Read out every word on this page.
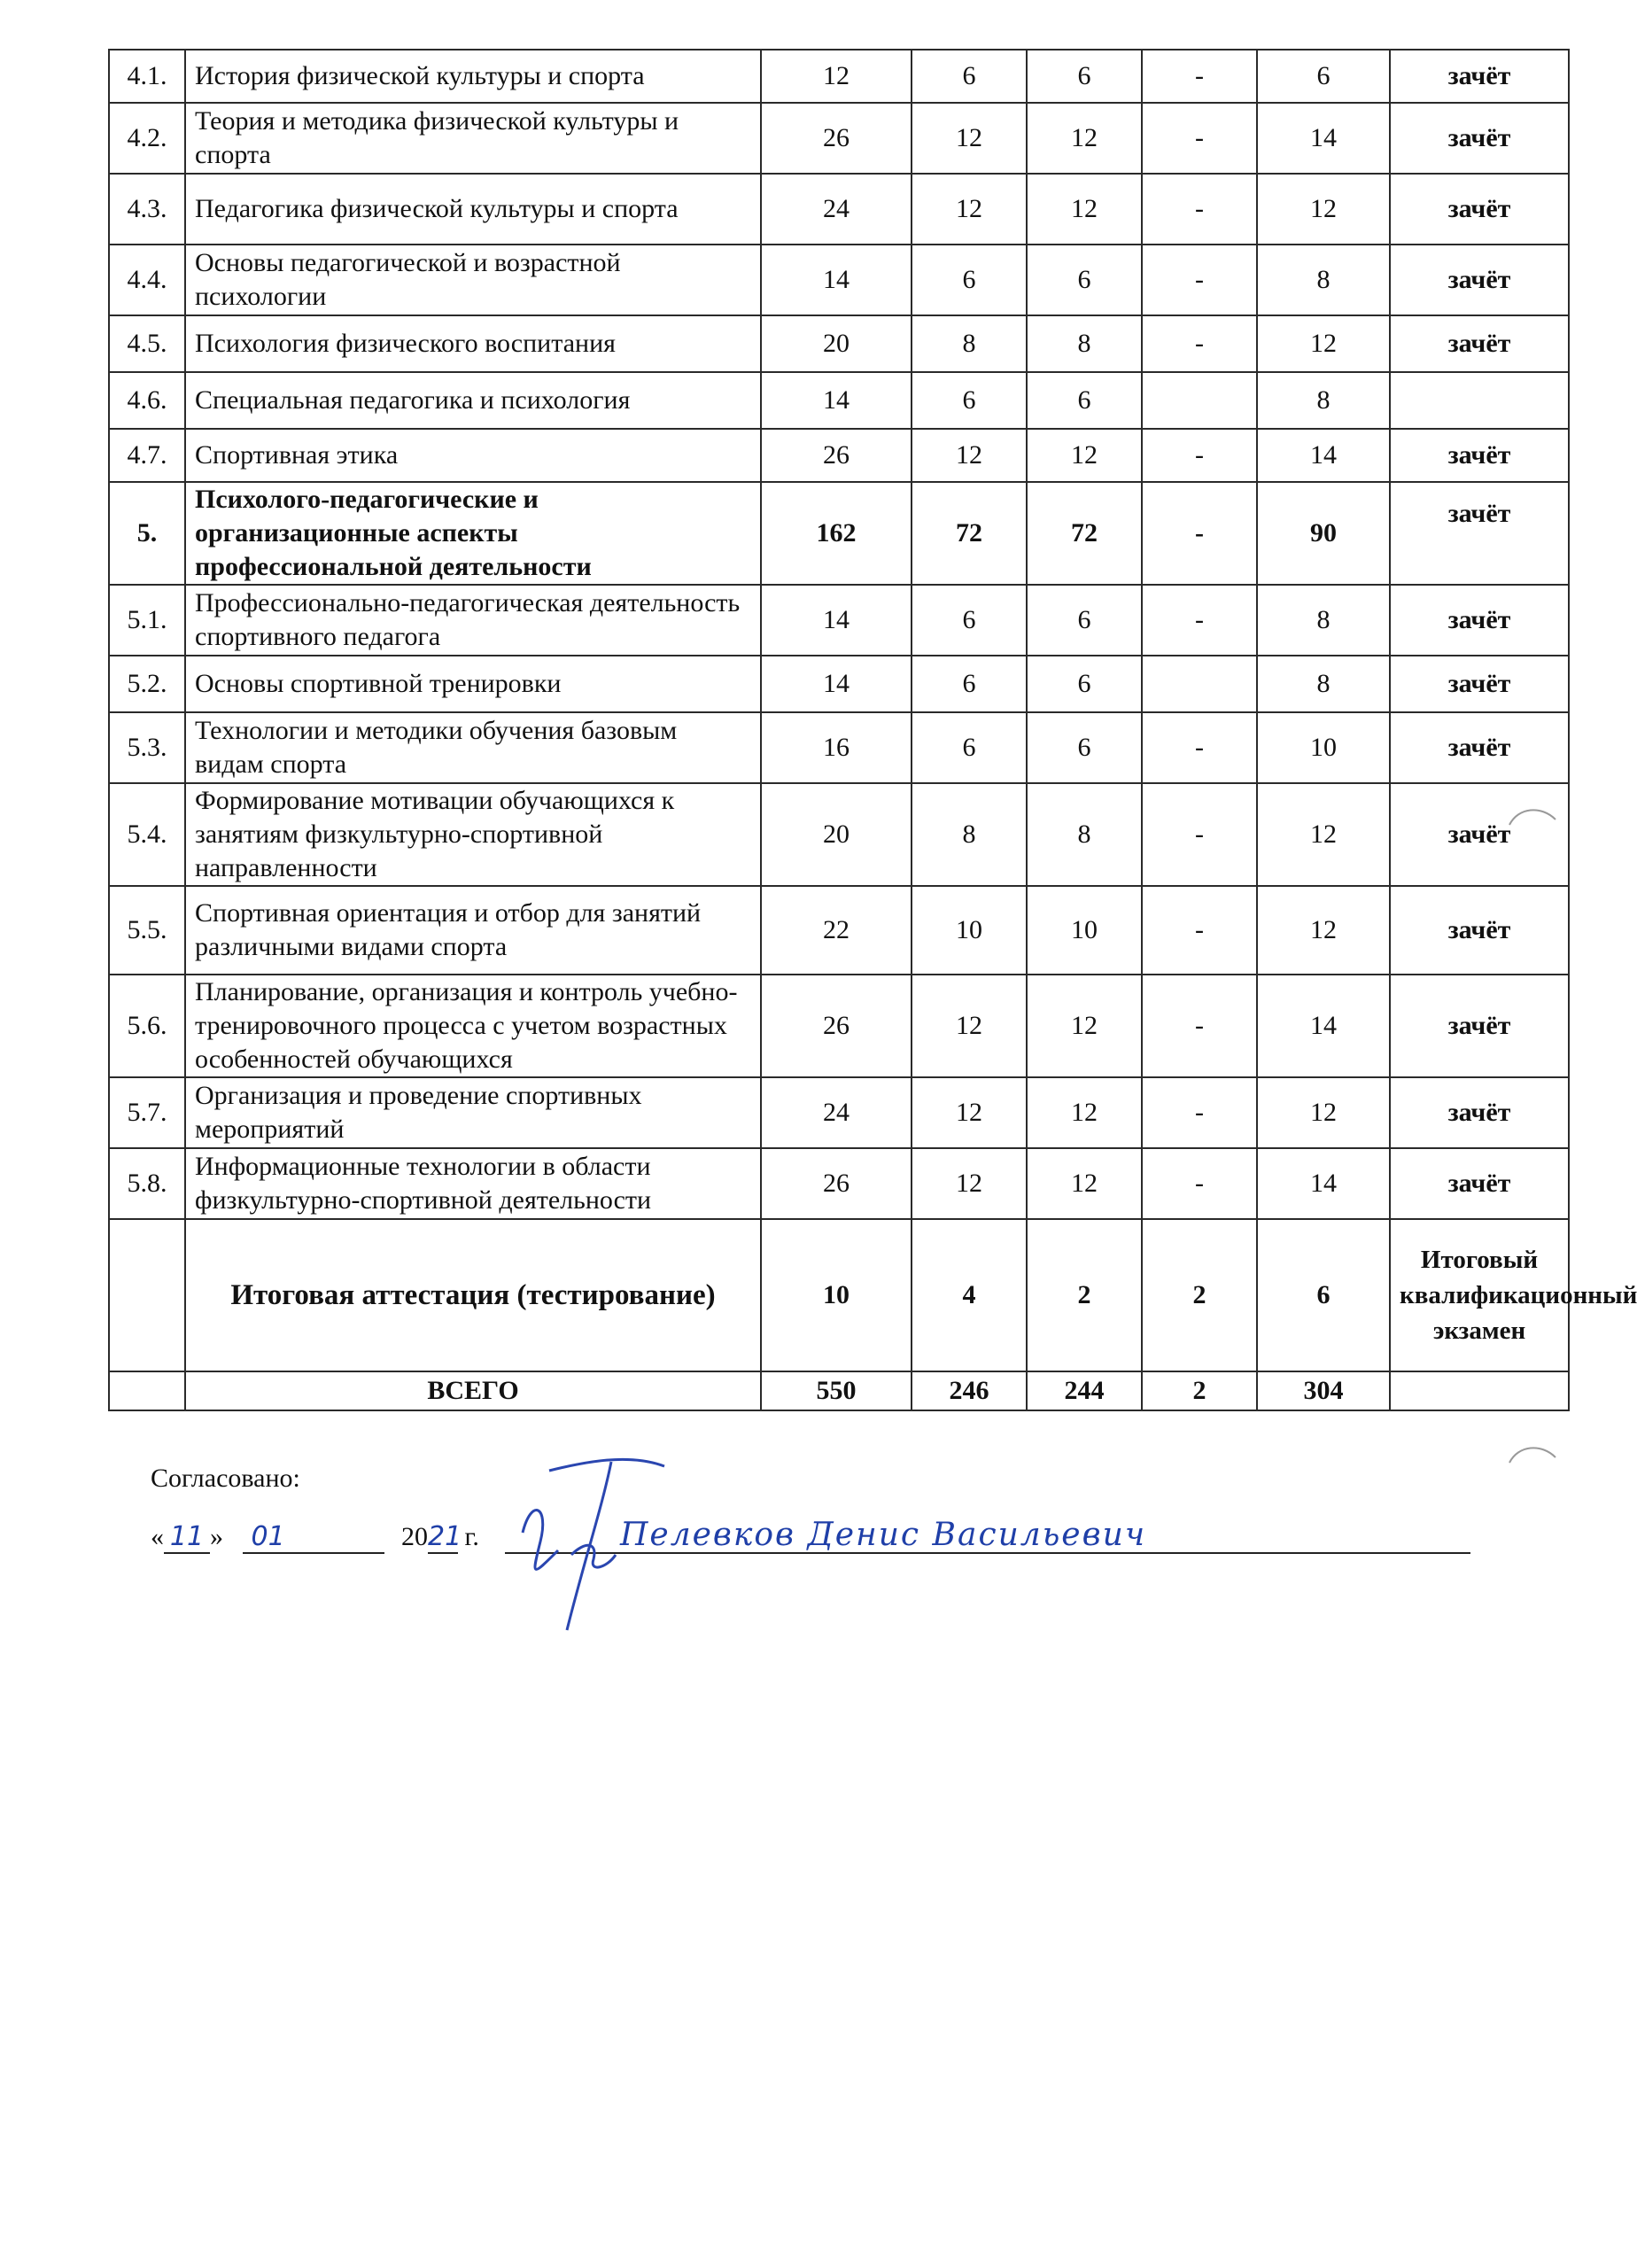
4.1.	История физической культуры и спорта	12	6	6	-	6	зачёт
4.2.	Теория и методика физической культуры и спорта	26	12	12	-	14	зачёт
4.3.	Педагогика физической культуры и спорта	24	12	12	-	12	зачёт
4.4.	Основы педагогической и возрастной психологии	14	6	6	-	8	зачёт
4.5.	Психология физического воспитания	20	8	8	-	12	зачёт
4.6.	Специальная педагогика и психология	14	6	6		8	
4.7.	Спортивная этика	26	12	12	-	14	зачёт
5.	Психолого-педагогические и организационные аспекты профессиональной деятельности	162	72	72	-	90	зачёт
5.1.	Профессионально-педагогическая деятельность спортивного педагога	14	6	6	-	8	зачёт
5.2.	Основы спортивной тренировки	14	6	6		8	зачёт
5.3.	Технологии и методики обучения базовым видам спорта	16	6	6	-	10	зачёт
5.4.	Формирование мотивации обучающихся к занятиям физкультурно-спортивной направленности	20	8	8	-	12	зачёт
5.5.	Спортивная ориентация и отбор для занятий различными видами спорта	22	10	10	-	12	зачёт
5.6.	Планирование, организация и контроль учебно-тренировочного процесса с учетом возрастных особенностей обучающихся	26	12	12	-	14	зачёт
5.7.	Организация и проведение спортивных мероприятий	24	12	12	-	12	зачёт
5.8.	Информационные технологии в области физкультурно-спортивной деятельности	26	12	12	-	14	зачёт
	Итоговая аттестация (тестирование)	10	4	2	2	6	Итоговый квалификационный экзамен
	ВСЕГО	550	246	244	2	304	
Согласовано:
« 11 » 01	2021 г.	Пелевков Денис Васильевич
